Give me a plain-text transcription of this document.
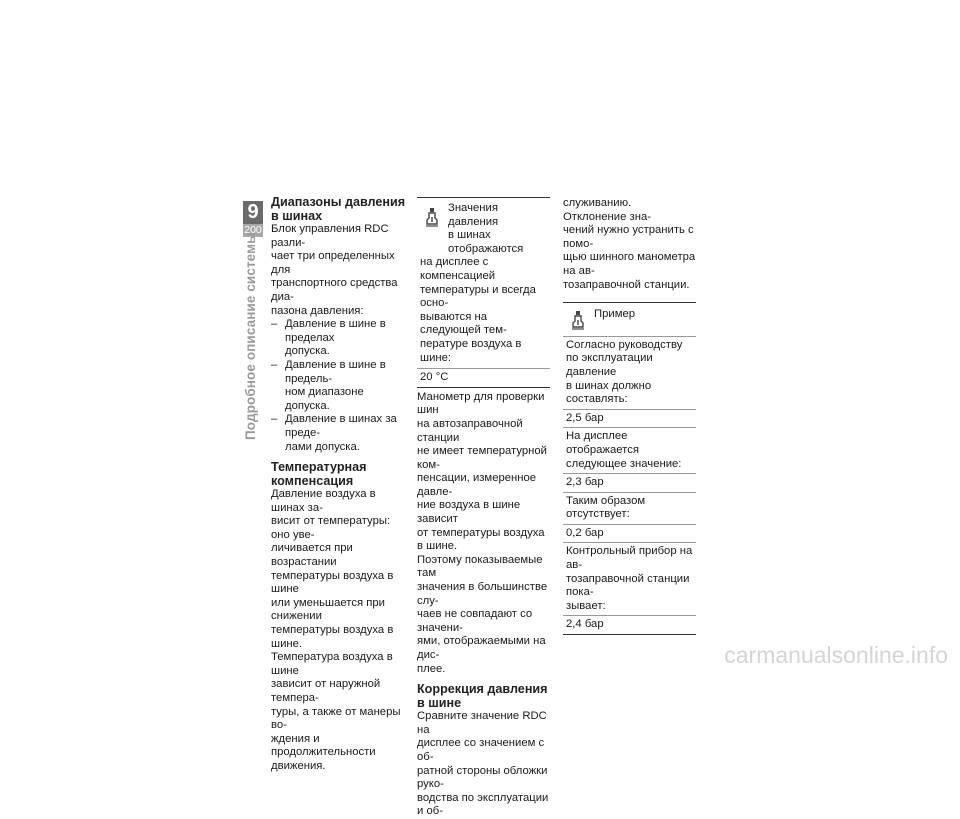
9
200
Подробное описание системы
Диапазоны давления
в шинах

Блок управления RDC разли-
чает три определенных для
транспортного средства диа-
пазона давления:

– Давление в шине в пределах
допуска.
– Давление в шине в предель-
ном диапазоне допуска.
– Давление в шинах за преде-
лами допуска.
Температурная
компенсация

Давление воздуха в шинах за-
висит от температуры: оно уве-
личивается при возрастании
температуры воздуха в шине
или уменьшается при снижении
температуры воздуха в шине.
Температура воздуха в шине
зависит от наружной темпера-
туры, а также от манеры во-
ждения и продолжительности
движения.

Значения давления
в шинах отображаются
на дисплее с компенсацией
температуры и всегда осно-
вываются на следующей тем-
пературе воздуха в шине:
20 °C

Манометр для проверки шин
на автозаправочной станции
не имеет температурной ком-
пенсации, измеренное давле-
ние воздуха в шине зависит
от температуры воздуха в шине.
Поэтому показываемые там
значения в большинстве слу-
чаев не совпадают со значени-
ями, отображаемыми на дис-
плее.

Коррекция давления
в шине

Сравните значение RDC на
дисплее со значением с об-
ратной стороны обложки руко-
водства по эксплуатации и об-

служиванию. Отклонение зна-
чений нужно устранить с помо-
щью шинного манометра на ав-
тозаправочной станции.

Пример
Согласно руководству
по эксплуатации давление
в шинах должно составлять:
2,5 бар
На дисплее отображается
следующее значение:
2,3 бар
Таким образом отсутствует:
0,2 бар
Контрольный прибор на ав-
тозаправочной станции пока-
зывает:
2,4 бар
carmanualsonline.info
